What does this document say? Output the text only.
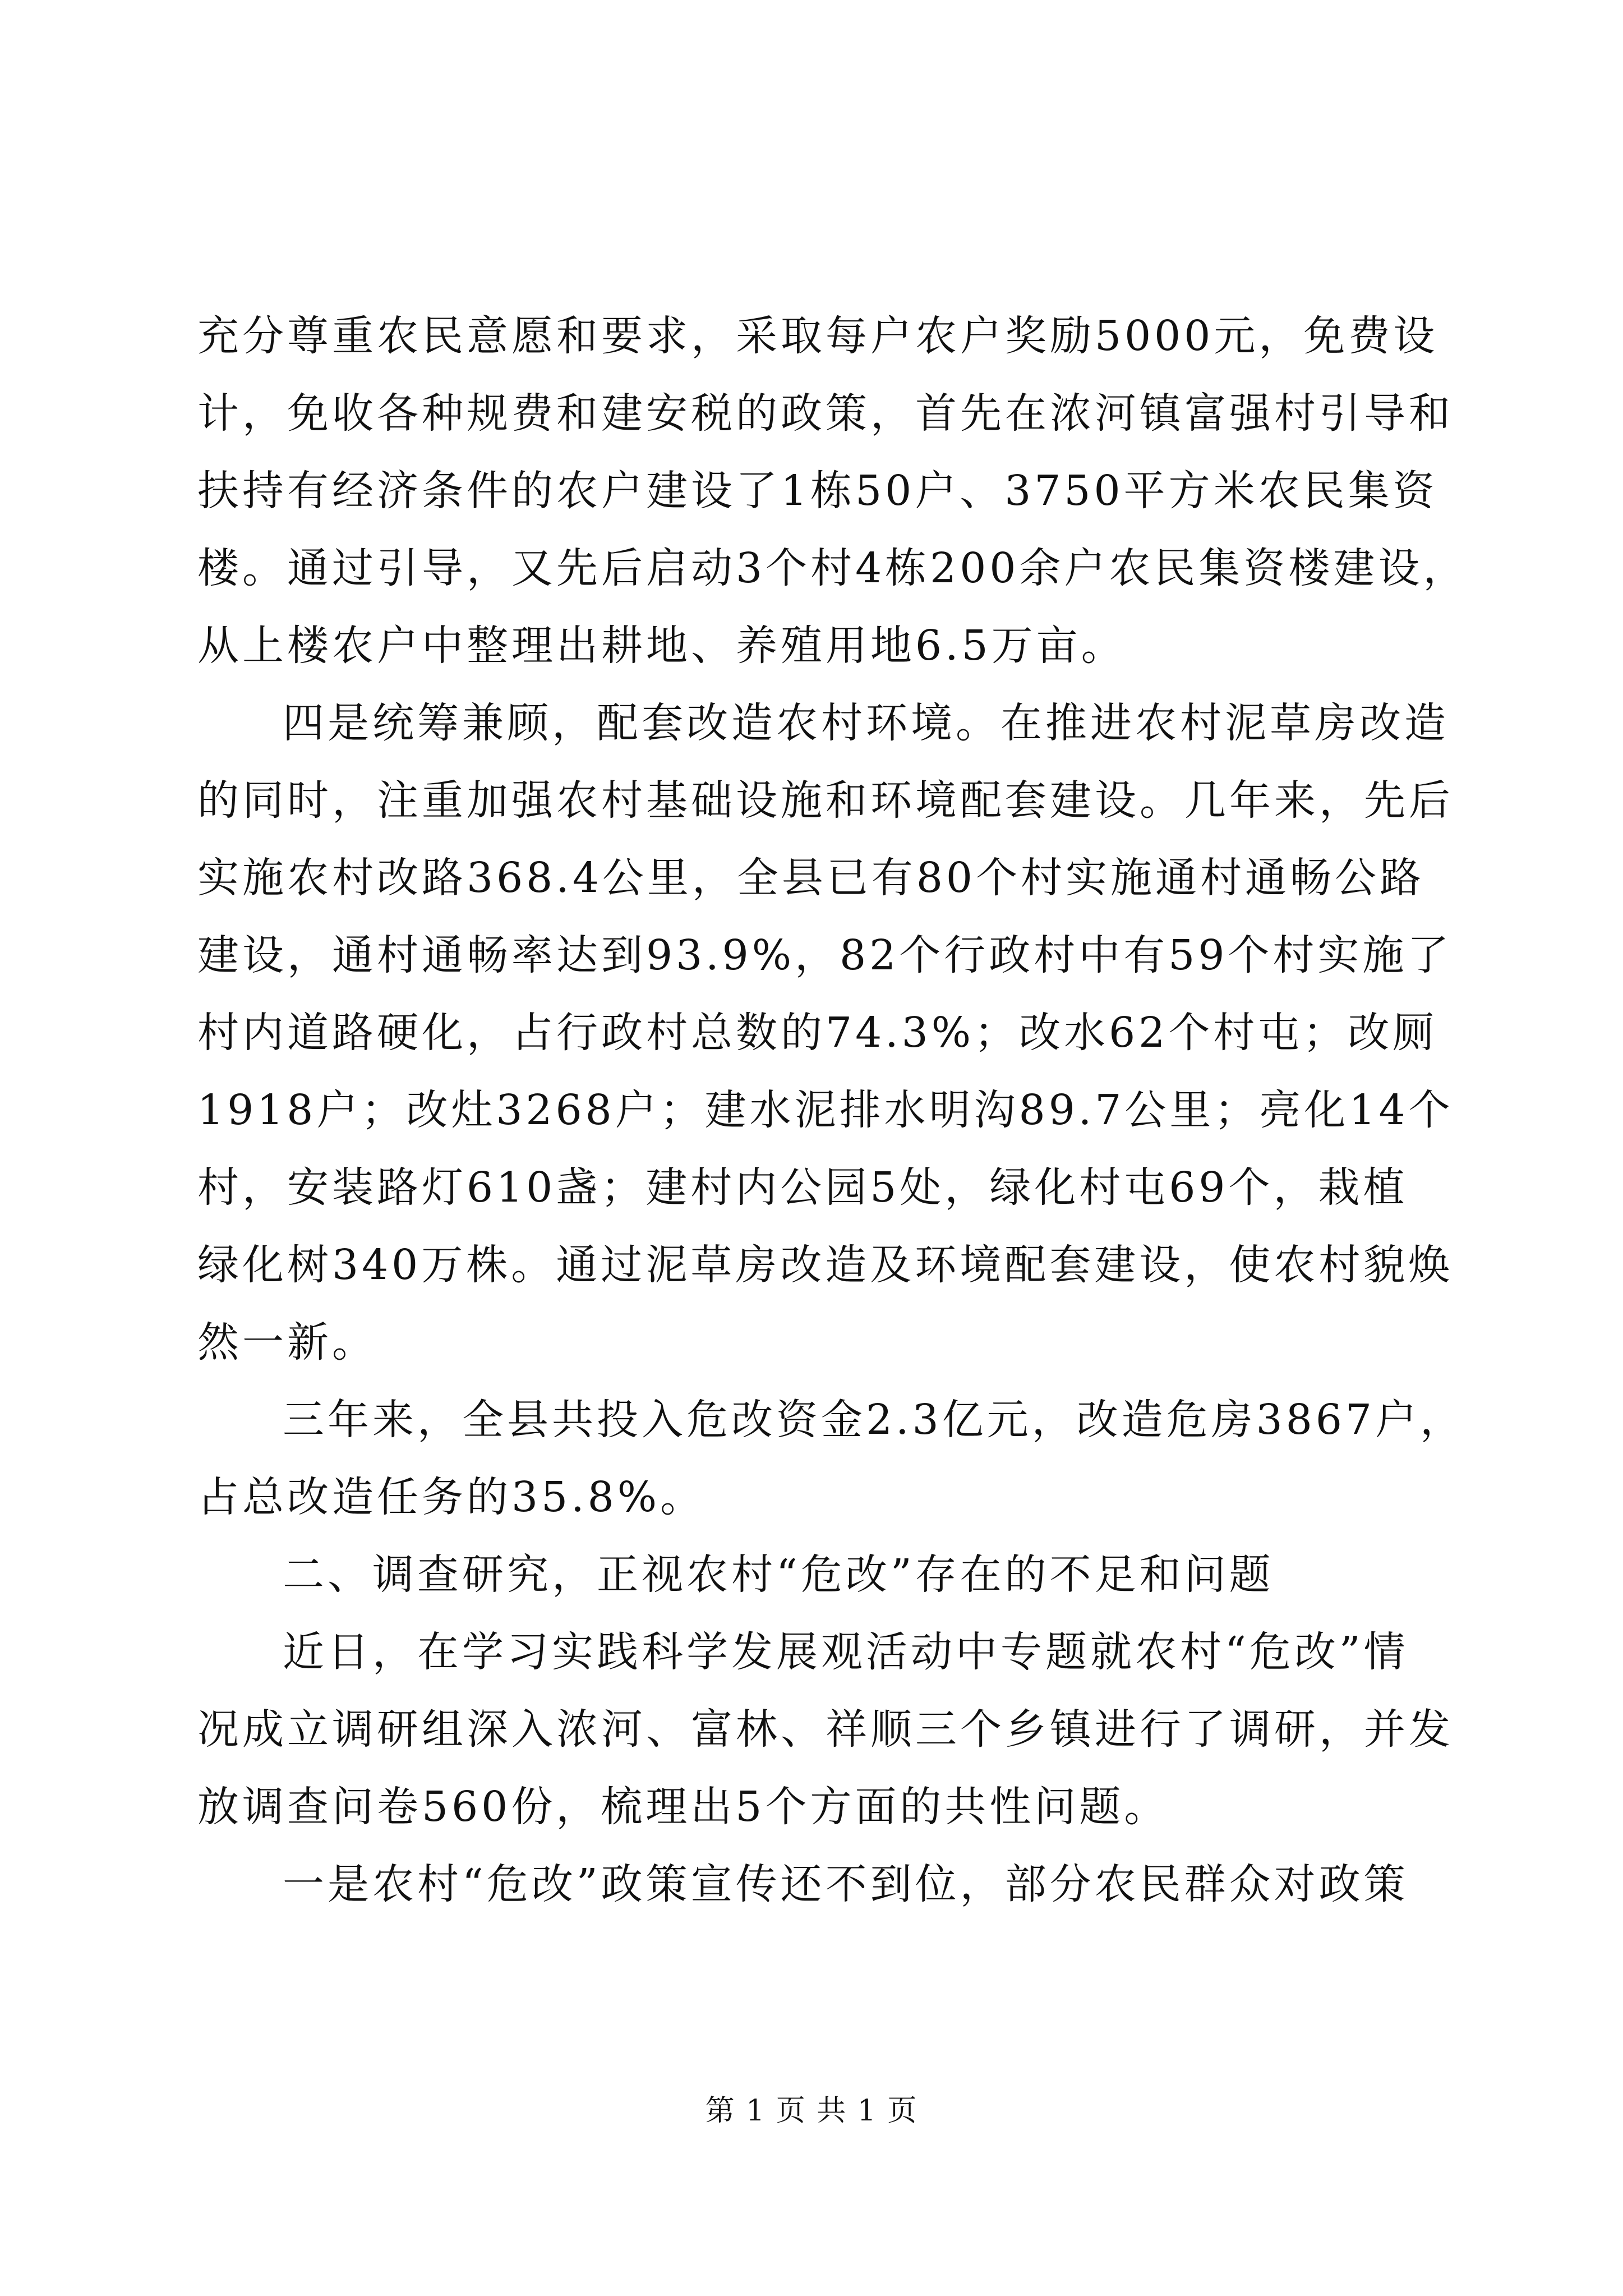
充分尊重农民意愿和要求，采取每户农户奖励5000元，免费设
计，免收各种规费和建安税的政策，首先在浓河镇富强村引导和
扶持有经济条件的农户建设了1栋50户、3750平方米农民集资
楼。通过引导，又先后启动3个村4栋200余户农民集资楼建设，
从上楼农户中整理出耕地、养殖用地6.5万亩。
四是统筹兼顾，配套改造农村环境。在推进农村泥草房改造
的同时，注重加强农村基础设施和环境配套建设。几年来，先后
实施农村改路368.4公里，全县已有80个村实施通村通畅公路
建设，通村通畅率达到93.9%，82个行政村中有59个村实施了
村内道路硬化，占行政村总数的74.3%；改水62个村屯；改厕
1918户；改灶3268户；建水泥排水明沟89.7公里；亮化14个
村，安装路灯610盏；建村内公园5处，绿化村屯69个，栽植
绿化树340万株。通过泥草房改造及环境配套建设，使农村貌焕
然一新。
三年来，全县共投入危改资金2.3亿元，改造危房3867户，
占总改造任务的35.8%。
二、调查研究，正视农村“危改”存在的不足和问题
近日，在学习实践科学发展观活动中专题就农村“危改”情
况成立调研组深入浓河、富林、祥顺三个乡镇进行了调研，并发
放调查问卷560份，梳理出5个方面的共性问题。
一是农村“危改”政策宣传还不到位，部分农民群众对政策
第 1 页 共 1 页
